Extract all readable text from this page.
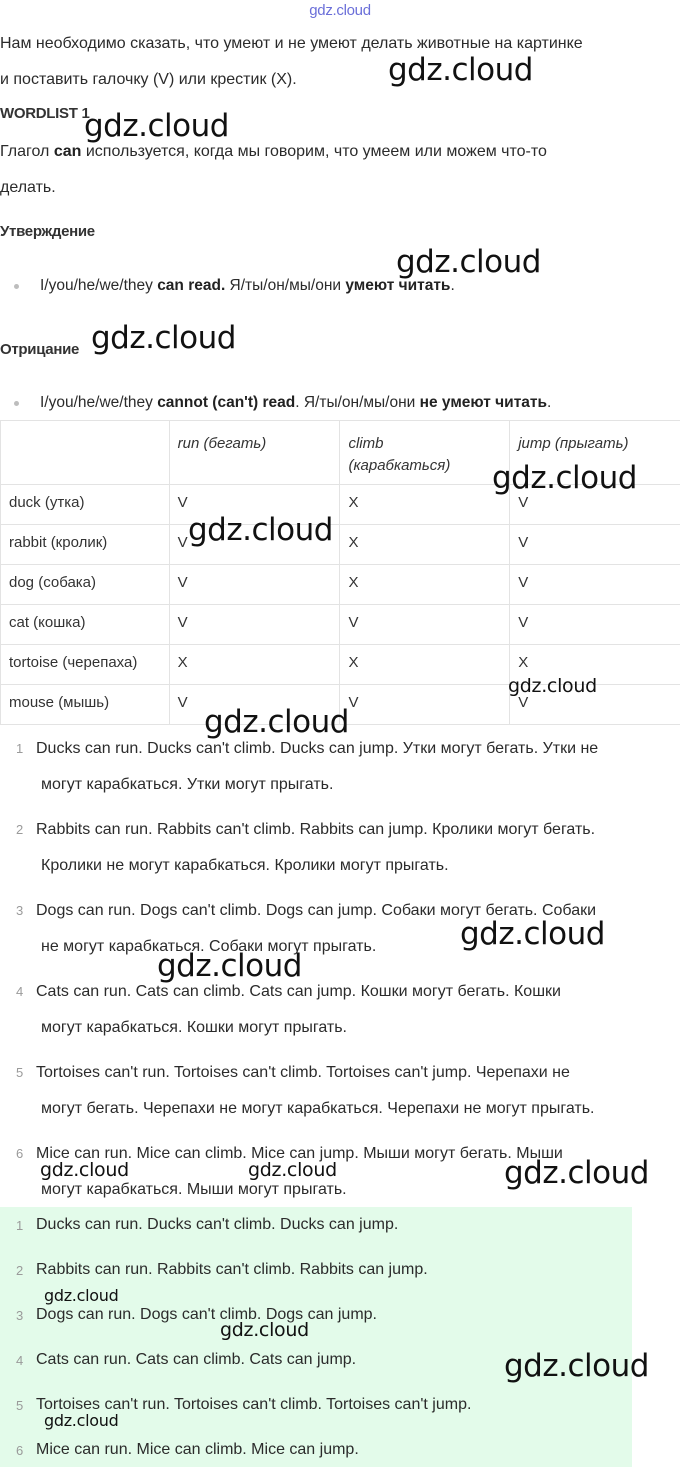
gdz.cloud
Нам необходимо сказать, что умеют и не умеют делать животные на картинке
и поставить галочку (V) или крестик (X).
WORDLIST 1
Глагол can используется, когда мы говорим, что умеем или можем что-то
делать.
Утверждение
I/you/he/we/they can read. Я/ты/он/мы/они умеют читать.
Отрицание
I/you/he/we/they cannot (can't) read. Я/ты/он/мы/они не умеют читать.
	run (бегать)	climb
(карабкаться)	jump (прыгать)
duck (утка)	V	X	V
rabbit (кролик)	V	X	V
dog (собака)	V	X	V
cat (кошка)	V	V	V
tortoise (черепаха)	X	X	X
mouse (мышь)	V	V	V
1 Ducks can run. Ducks can't climb. Ducks can jump. Утки могут бегать. Утки не
могут карабкаться. Утки могут прыгать.
2 Rabbits can run. Rabbits can't climb. Rabbits can jump. Кролики могут бегать.
Кролики не могут карабкаться. Кролики могут прыгать.
3 Dogs can run. Dogs can't climb. Dogs can jump. Собаки могут бегать. Собаки
не могут карабкаться. Собаки могут прыгать.
4 Cats can run. Cats can climb. Cats can jump. Кошки могут бегать. Кошки
могут карабкаться. Кошки могут прыгать.
5 Tortoises can't run. Tortoises can't climb. Tortoises can't jump. Черепахи не
могут бегать. Черепахи не могут карабкаться. Черепахи не могут прыгать.
6 Mice can run. Mice can climb. Mice can jump. Мыши могут бегать. Мыши
могут карабкаться. Мыши могут прыгать.
1 Ducks can run. Ducks can't climb. Ducks can jump.
2 Rabbits can run. Rabbits can't climb. Rabbits can jump.
3 Dogs can run. Dogs can't climb. Dogs can jump.
4 Cats can run. Cats can climb. Cats can jump.
5 Tortoises can't run. Tortoises can't climb. Tortoises can't jump.
6 Mice can run. Mice can climb. Mice can jump.
gdz.cloud
gdz.cloud
gdz.cloud
gdz.cloud
gdz.cloud
gdz.cloud
gdz.cloud
gdz.cloud
gdz.cloud
gdz.cloud
gdz.cloud	gdz.cloud	gdz.cloud
gdz.cloud
gdz.cloud
gdz.cloud
gdz.cloud
